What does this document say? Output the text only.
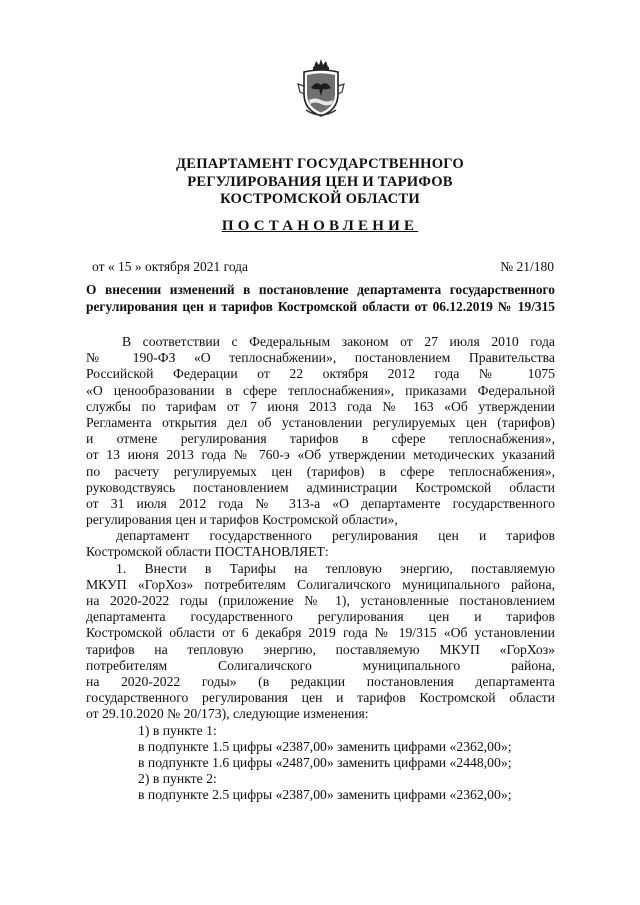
ДЕПАРТАМЕНТ ГОСУДАРСТВЕННОГО
РЕГУЛИРОВАНИЯ ЦЕН И ТАРИФОВ
КОСТРОМСКОЙ ОБЛАСТИ
ПОСТАНОВЛЕНИЕ
от « 15 » октября 2021 года	№ 21/180
О внесении изменений в постановление департамента государственного регулирования цен и тарифов Костромской области от 06.12.2019 № 19/315
В соответствии с Федеральным законом от 27 июля 2010 года
№ 190-ФЗ «О теплоснабжении», постановлением Правительства
Российской Федерации от 22 октября 2012 года № 1075
«О ценообразовании в сфере теплоснабжения», приказами Федеральной
службы по тарифам от 7 июня 2013 года № 163 «Об утверждении
Регламента открытия дел об установлении регулируемых цен (тарифов)
и отмене регулирования тарифов в сфере теплоснабжения»,
от 13 июня 2013 года № 760-э «Об утверждении методических указаний
по расчету регулируемых цен (тарифов) в сфере теплоснабжения»,
руководствуясь постановлением администрации Костромской области
от 31 июля 2012 года № 313-а «О департаменте государственного
регулирования цен и тарифов Костромской области»,
департамент государственного регулирования цен и тарифов
Костромской области ПОСТАНОВЛЯЕТ:
1. Внести в Тарифы на тепловую энергию, поставляемую
МКУП «ГорХоз» потребителям Солигаличского муниципального района,
на 2020-2022 годы (приложение № 1), установленные постановлением
департамента государственного регулирования цен и тарифов
Костромской области от 6 декабря 2019 года № 19/315 «Об установлении
тарифов на тепловую энергию, поставляемую МКУП «ГорХоз»
потребителям Солигаличского муниципального района,
на 2020-2022 годы» (в редакции постановления департамента
государственного регулирования цен и тарифов Костромской области
от 29.10.2020 № 20/173), следующие изменения:
1) в пункте 1:
в подпункте 1.5 цифры «2387,00» заменить цифрами «2362,00»;
в подпункте 1.6 цифры «2487,00» заменить цифрами «2448,00»;
2) в пункте 2:
в подпункте 2.5 цифры «2387,00» заменить цифрами «2362,00»;
